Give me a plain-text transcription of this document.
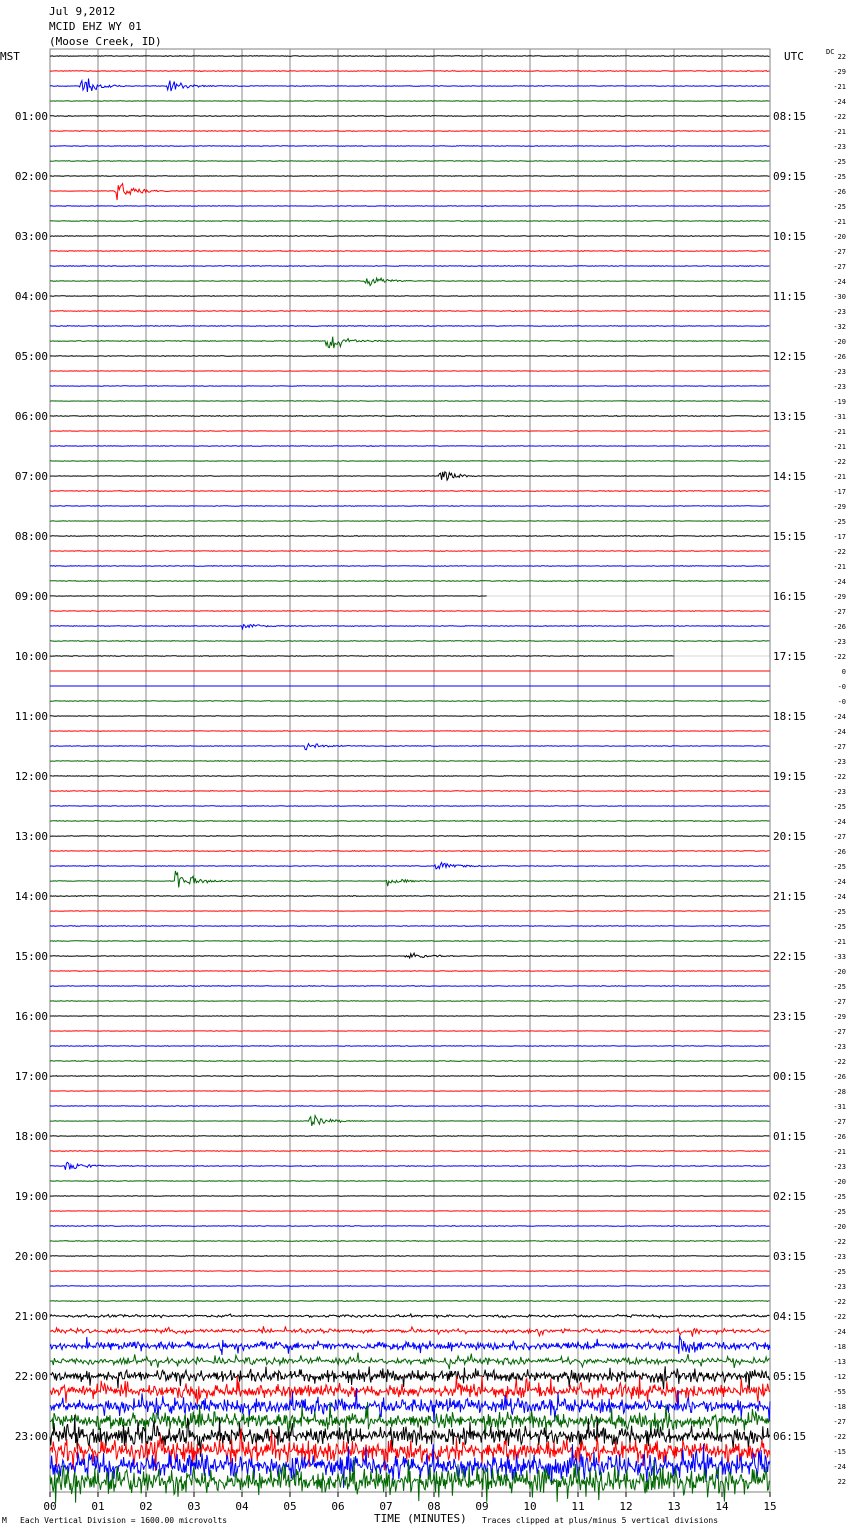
Jul 9,2012
MCID EHZ WY 01
(Moose Creek, ID)
MST	UTC	DC
22
-29
-21
-24
-22
-21
-23
-25
-25
-26
-25
-21
-20
-27
-27
-24
-30
-23
-32
-20
-26
-23
-23
-19
-31
-21
-21
-22
-21
-17
-29
-25
-17
-22
-21
-24
-29
-27
-26
-23
-22
0
-0
-0
-24
-24
-27
-23
-22
-23
-25
-24
-27
-26
-25
-24
-24
-25
-25
-21
-33
-20
-25
-27
-29
-27
-23
-22
-26
-28
-31
-27
-26
-21
-23
-20
-25
-25
-20
-22
-23
-25
-23
-22
-22
-24
-18
-13
-12
-55
-18
-27
-22
-15
-24
22
01:00	08:15
02:00	09:15
03:00	10:15
04:00	11:15
05:00	12:15
06:00	13:15
07:00	14:15
08:00	15:15
09:00	16:15
10:00	17:15
11:00	18:15
12:00	19:15
13:00	20:15
14:00	21:15
15:00	22:15
16:00	23:15
17:00	00:15
18:00	01:15
19:00	02:15
20:00	03:15
21:00	04:15
22:00	05:15
23:00	06:15
00	01	02	03	04	05	06	07	08	09	10	11	12	13	14	15
M Each Vertical Division = 1600.00 microvolts	TIME (MINUTES) Traces clipped at plus/minus 5 vertical divisions
